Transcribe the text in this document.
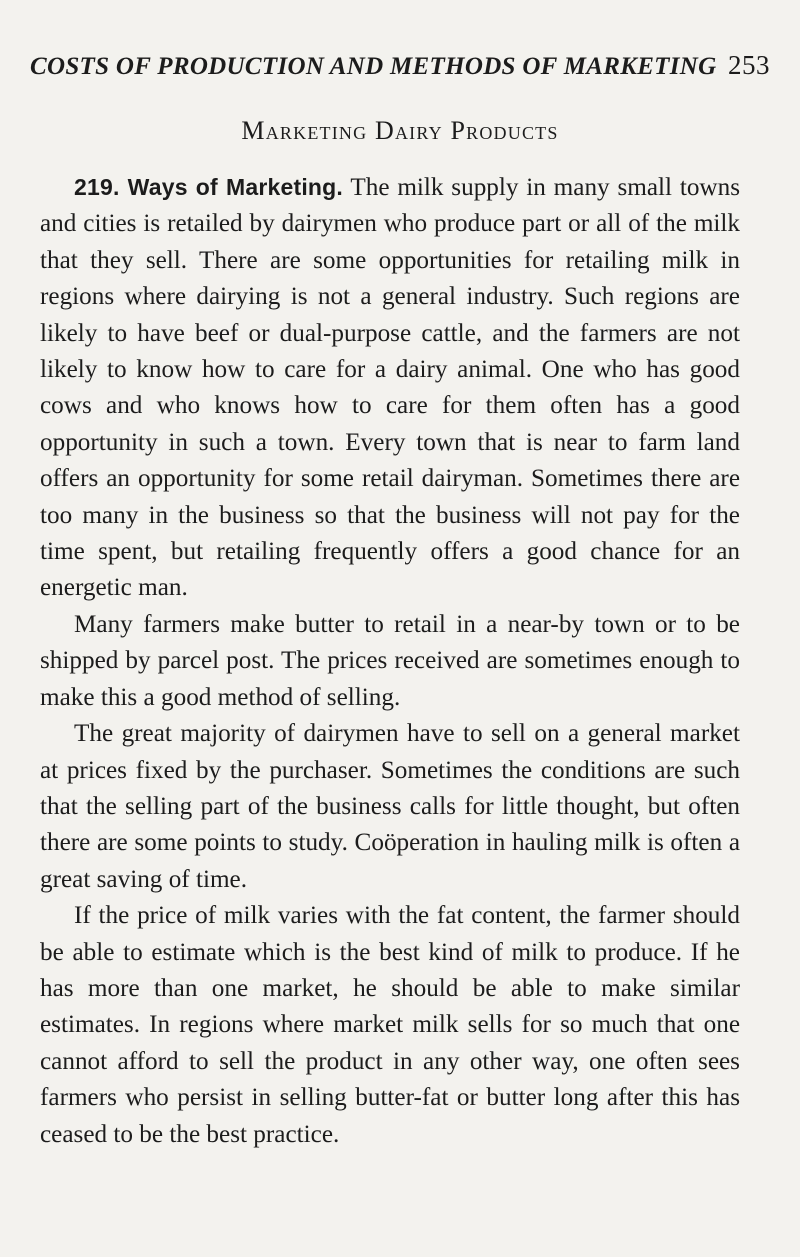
COSTS OF PRODUCTION AND METHODS OF MARKETING 253
Marketing Dairy Products

219. Ways of Marketing. The milk supply in many small towns and cities is retailed by dairymen who produce part or all of the milk that they sell. There are some opportunities for retailing milk in regions where dairying is not a general industry. Such regions are likely to have beef or dual-purpose cattle, and the farmers are not likely to know how to care for a dairy animal. One who has good cows and who knows how to care for them often has a good opportunity in such a town. Every town that is near to farm land offers an opportunity for some retail dairyman. Sometimes there are too many in the business so that the business will not pay for the time spent, but retailing frequently offers a good chance for an energetic man.

Many farmers make butter to retail in a near-by town or to be shipped by parcel post. The prices received are sometimes enough to make this a good method of selling.

The great majority of dairymen have to sell on a general market at prices fixed by the purchaser. Sometimes the conditions are such that the selling part of the business calls for little thought, but often there are some points to study. Coöperation in hauling milk is often a great saving of time.

If the price of milk varies with the fat content, the farmer should be able to estimate which is the best kind of milk to produce. If he has more than one market, he should be able to make similar estimates. In regions where market milk sells for so much that one cannot afford to sell the product in any other way, one often sees farmers who persist in selling butter-fat or butter long after this has ceased to be the best practice.
